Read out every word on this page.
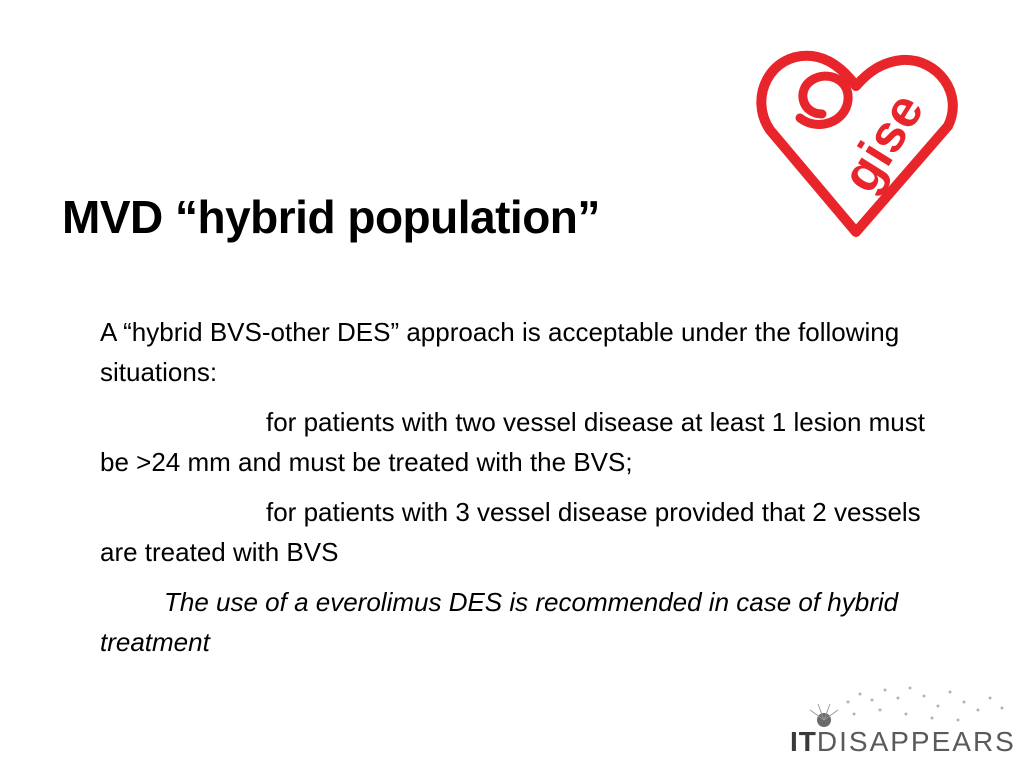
MVD “hybrid population”
gise

A “hybrid BVS-other DES” approach is acceptable under the following situations:

for patients with two vessel disease at least 1 lesion must be >24 mm and must be treated with the BVS;

for patients with 3 vessel disease provided that 2 vessels are treated with BVS

The use of a everolimus DES is recommended in case of hybrid treatment

ITDISAPPEARS
